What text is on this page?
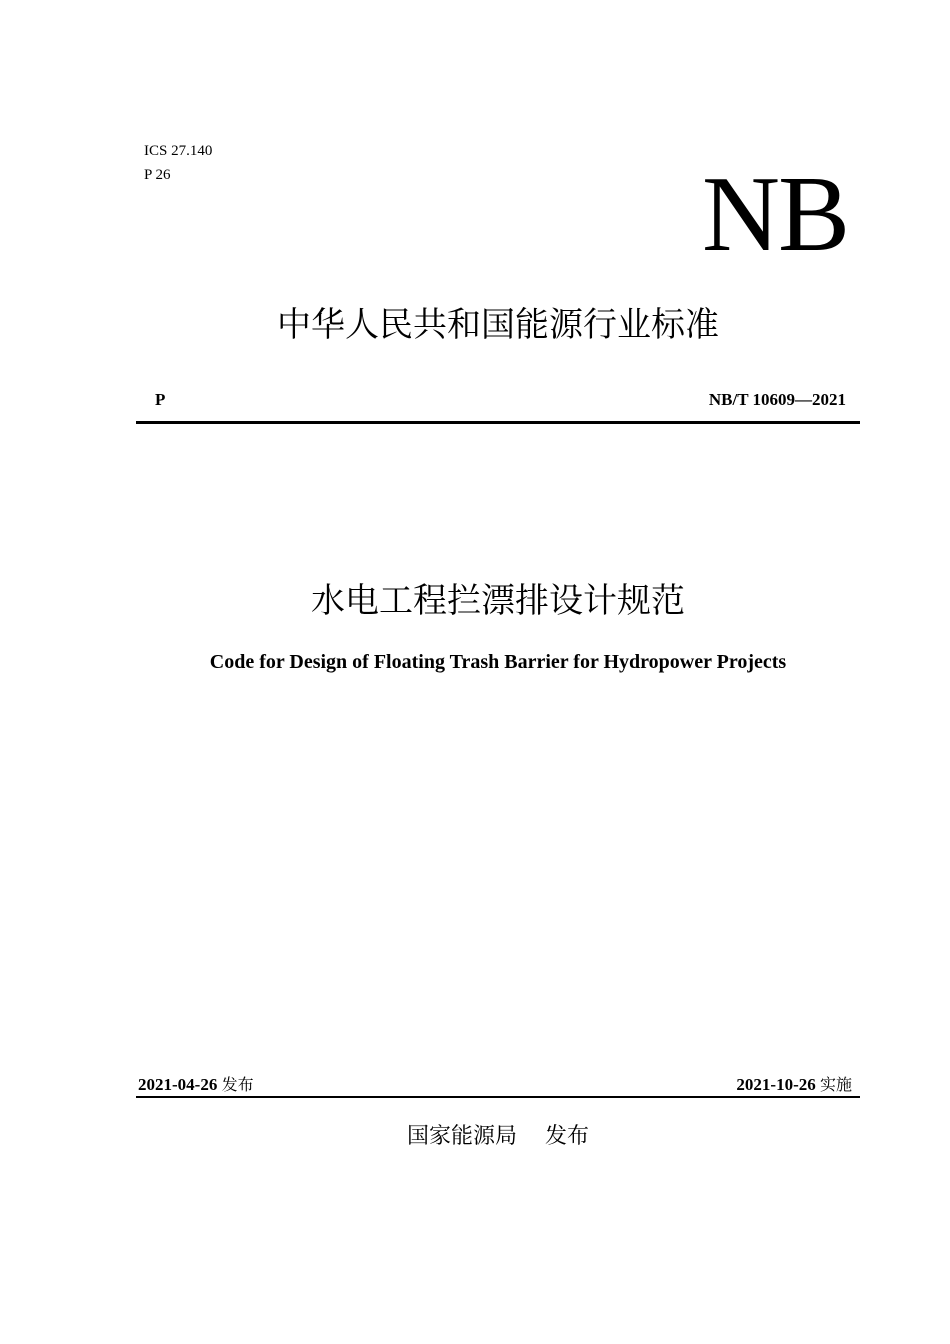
ICS 27.140
P 26	NB
中华人民共和国能源行业标准
P	NB/T 10609—2021
水电工程拦漂排设计规范
Code for Design of Floating Trash Barrier for Hydropower Projects
2021-04-26 发布	2021-10-26 实施
国家能源局 发布
